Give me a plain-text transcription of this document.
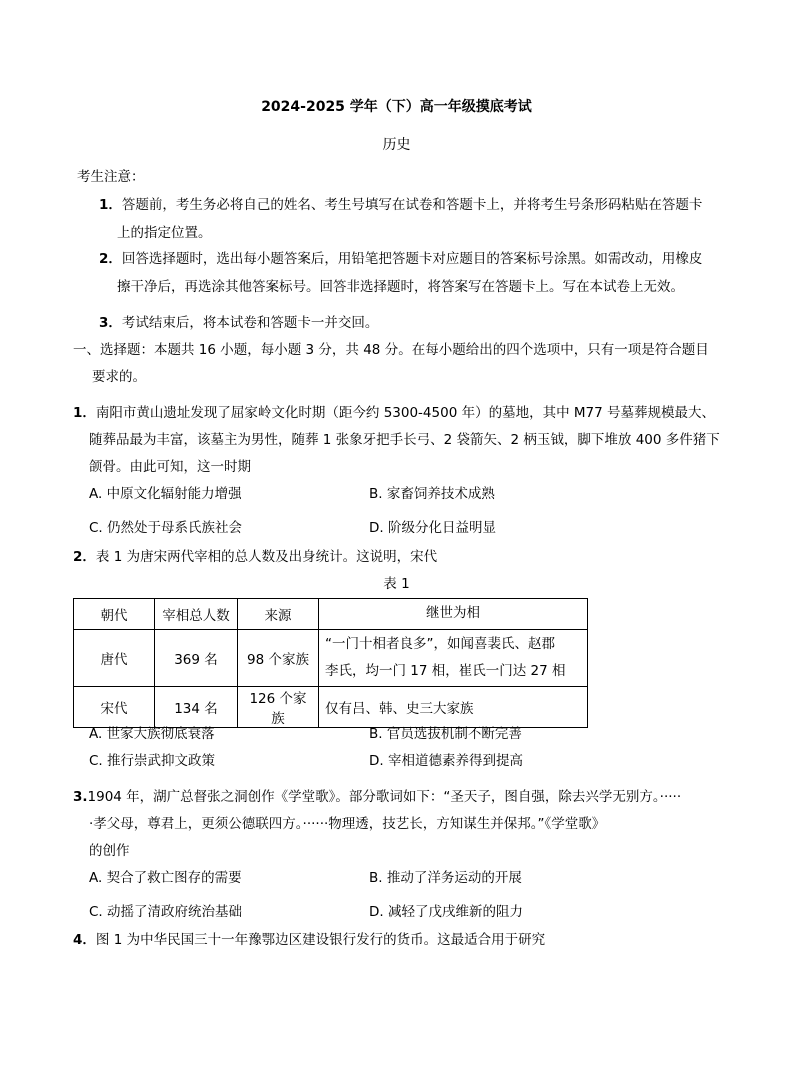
2024-2025 学年（下）高一年级摸底考试
历史
考生注意：
1．答题前，考生务必将自己的姓名、考生号填写在试卷和答题卡上，并将考生号条形码粘贴在答题卡
上的指定位置。
2．回答选择题时，选出每小题答案后，用铅笔把答题卡对应题目的答案标号涂黑。如需改动，用橡皮
擦干净后，再选涂其他答案标号。回答非选择题时，将答案写在答题卡上。写在本试卷上无效。
3．考试结束后，将本试卷和答题卡一并交回。
一、选择题：本题共 16 小题，每小题 3 分，共 48 分。在每小题给出的四个选项中，只有一项是符合题目
要求的。
1．南阳市黄山遗址发现了屈家岭文化时期（距今约 5300-4500 年）的墓地，其中 M77 号墓葬规模最大、
随葬品最为丰富，该墓主为男性，随葬 1 张象牙把手长弓、2 袋箭矢、2 柄玉钺，脚下堆放 400 多件猪下
颌骨。由此可知，这一时期
A. 中原文化辐射能力增强	B. 家畜饲养技术成熟
C. 仍然处于母系氏族社会	D. 阶级分化日益明显
2．表 1 为唐宋两代宰相的总人数及出身统计。这说明，宋代
表 1
朝代	宰相总人数	来源	继世为相
唐代	369 名	98 个家族	“一门十相者良多”，如闻喜裴氏、赵郡
李氏，均一门 17 相，崔氏一门达 27 相

宋代	134 名	126 个家族	仅有吕、韩、史三大家族
A. 世家大族彻底衰落	B. 官员选拔机制不断完善
C. 推行崇武抑文政策	D. 宰相道德素养得到提高
3.1904 年，湖广总督张之洞创作《学堂歌》。部分歌词如下：“圣天子，图自强，除去兴学无别方。·····
·孝父母，尊君上，更须公德联四方。······物理透，技艺长，方知谋生并保邦。”《学堂歌》
的创作
A. 契合了救亡图存的需要	B. 推动了洋务运动的开展
C. 动摇了清政府统治基础	D. 减轻了戊戌维新的阻力
4．图 1 为中华民国三十一年豫鄂边区建设银行发行的货币。这最适合用于研究
